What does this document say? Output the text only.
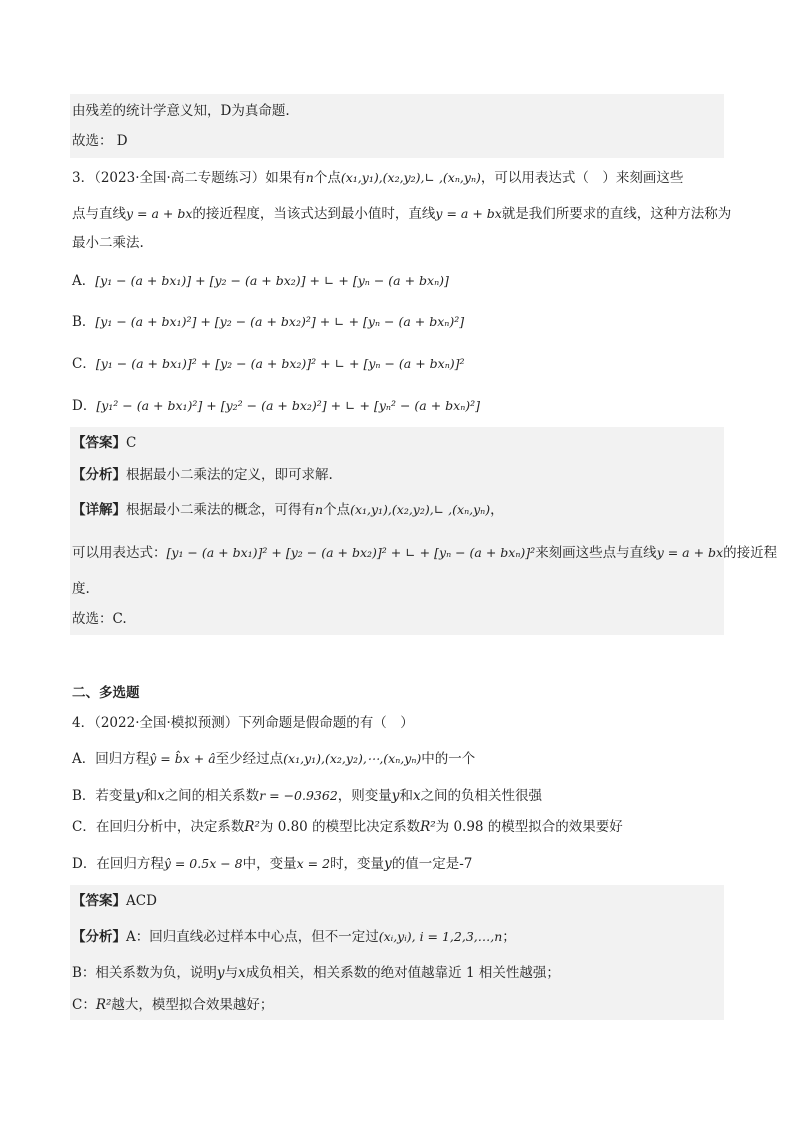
由残差的统计学意义知，D为真命题.
故选： D
3．（2023·全国·高二专题练习）如果有n个点(x₁,y₁),(x₂,y₂),∟ ,(xₙ,yₙ)，可以用表达式（　）来刻画这些
点与直线y = a + bx的接近程度，当该式达到最小值时，直线y = a + bx就是我们所要求的直线，这种方法称为
最小二乘法.
A．[y₁ − (a + bx₁)] + [y₂ − (a + bx₂)] + ∟ + [yₙ − (a + bxₙ)]
B．[y₁ − (a + bx₁)²] + [y₂ − (a + bx₂)²] + ∟ + [yₙ − (a + bxₙ)²]
C．[y₁ − (a + bx₁)]² + [y₂ − (a + bx₂)]² + ∟ + [yₙ − (a + bxₙ)]²
D．[y₁² − (a + bx₁)²] + [y₂² − (a + bx₂)²] + ∟ + [yₙ² − (a + bxₙ)²]
【答案】C
【分析】根据最小二乘法的定义，即可求解.
【详解】根据最小二乘法的概念，可得有n个点(x₁,y₁),(x₂,y₂),∟ ,(xₙ,yₙ)，
可以用表达式：[y₁ − (a + bx₁)]² + [y₂ − (a + bx₂)]² + ∟ + [yₙ − (a + bxₙ)]²来刻画这些点与直线y = a + bx的接近程
度.
故选：C.
二、多选题
4．（2022·全国·模拟预测）下列命题是假命题的有（　）
A．回归方程ŷ = b̂x + â至少经过点(x₁,y₁),(x₂,y₂),⋯,(xₙ,yₙ)中的一个
B．若变量y和x之间的相关系数r = −0.9362，则变量y和x之间的负相关性很强
C．在回归分析中，决定系数R²为 0.80 的模型比决定系数R²为 0.98 的模型拟合的效果要好
D．在回归方程ŷ = 0.5x − 8中，变量x = 2时，变量y的值一定是-7
【答案】ACD
【分析】A：回归直线必过样本中心点，但不一定过(xᵢ,yᵢ), i = 1,2,3,…,n；
B：相关系数为负，说明y与x成负相关，相关系数的绝对值越靠近 1 相关性越强；
C：R²越大，模型拟合效果越好；
